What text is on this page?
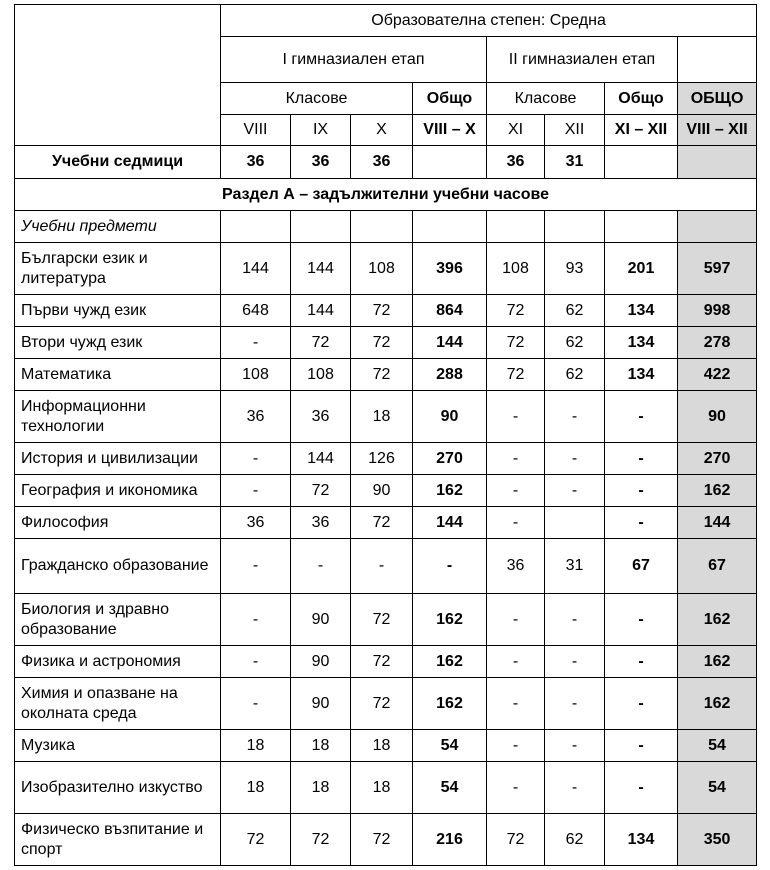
	Образователна степен: Средна							
	I гимназиален етап				II гимназиален етап			
	Класове			Общо	Класове		Общо	ОБЩО
	VIII	IX	X	VIII – X	XI	XII	XI – XII	VIII – XII
Учебни седмици	36	36	36		36	31		
Раздел А – задължителни учебни часове								
Учебни предмети								
Български език и литература	144	144	108	396	108	93	201	597
Първи чужд език	648	144	72	864	72	62	134	998
Втори чужд език	-	72	72	144	72	62	134	278
Математика	108	108	72	288	72	62	134	422
Информационни технологии	36	36	18	90	-	-	-	90
История и цивилизации	-	144	126	270	-	-	-	270
География и икономика	-	72	90	162	-	-	-	162
Философия	36	36	72	144	-		-	144
Гражданско образование	-	-	-	-	36	31	67	67
Биология и здравно образование	-	90	72	162	-	-	-	162
Физика и астрономия	-	90	72	162	-	-	-	162
Химия и опазване на околната среда	-	90	72	162	-	-	-	162
Музика	18	18	18	54	-	-	-	54
Изобразително изкуство	18	18	18	54	-	-	-	54
Физическо възпитание и спорт	72	72	72	216	72	62	134	350
